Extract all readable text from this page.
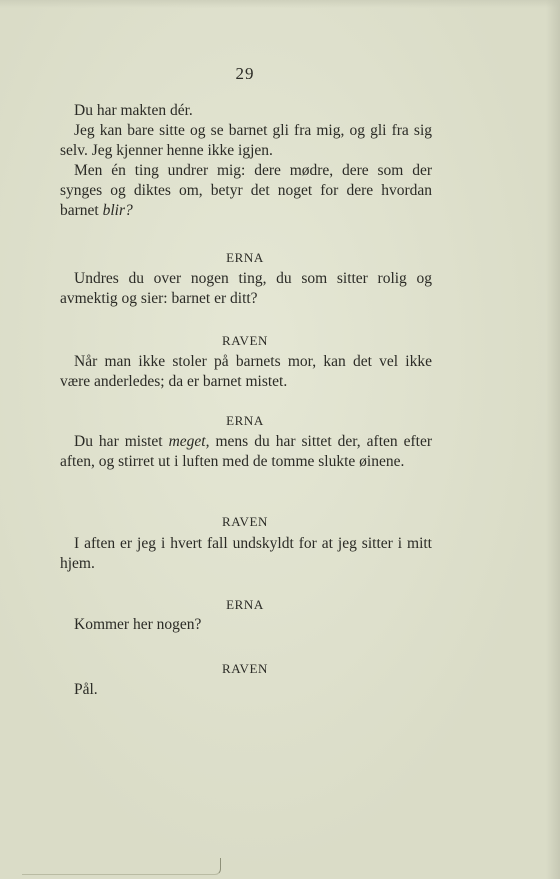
29

Du har makten dér.

Jeg kan bare sitte og se barnet gli fra mig, og gli fra sig selv. Jeg kjenner henne ikke igjen.

Men én ting undrer mig: dere mødre, dere som der synges og diktes om, betyr det noget for dere hvordan barnet blir?

ERNA

Undres du over nogen ting, du som sitter rolig og avmektig og sier: barnet er ditt?

RAVEN

Når man ikke stoler på barnets mor, kan det vel ikke være anderledes; da er barnet mistet.

ERNA

Du har mistet meget, mens du har sittet der, aften efter aften, og stirret ut i luften med de tomme slukte øinene.

RAVEN

I aften er jeg i hvert fall undskyldt for at jeg sitter i mitt hjem.

ERNA

Kommer her nogen?

RAVEN

Pål.
